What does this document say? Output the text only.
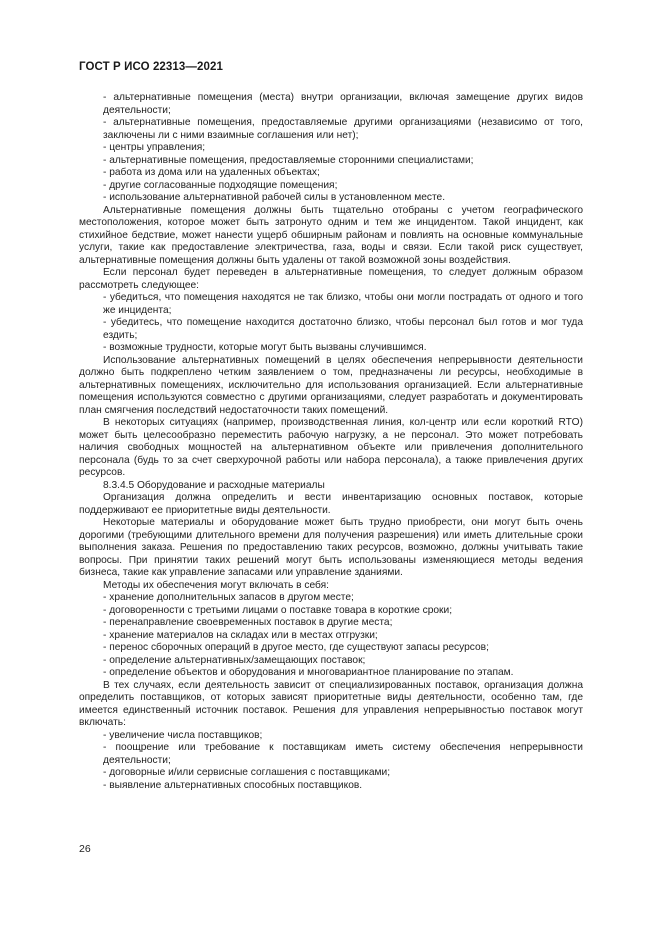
ГОСТ Р ИСО 22313—2021

- альтернативные помещения (места) внутри организации, включая замещение других видов деятельности;

- альтернативные помещения, предоставляемые другими организациями (независимо от того, заключены ли с ними взаимные соглашения или нет);

- центры управления;

- альтернативные помещения, предоставляемые сторонними специалистами;

- работа из дома или на удаленных объектах;

- другие согласованные подходящие помещения;

- использование альтернативной рабочей силы в установленном месте.

Альтернативные помещения должны быть тщательно отобраны с учетом географического местоположения, которое может быть затронуто одним и тем же инцидентом. Такой инцидент, как стихийное бедствие, может нанести ущерб обширным районам и повлиять на основные коммунальные услуги, такие как предоставление электричества, газа, воды и связи. Если такой риск существует, альтернативные помещения должны быть удалены от такой возможной зоны воздействия.

Если персонал будет переведен в альтернативные помещения, то следует должным образом рассмотреть следующее:

- убедиться, что помещения находятся не так близко, чтобы они могли пострадать от одного и того же инцидента;

- убедитесь, что помещение находится достаточно близко, чтобы персонал был готов и мог туда ездить;

- возможные трудности, которые могут быть вызваны случившимся.

Использование альтернативных помещений в целях обеспечения непрерывности деятельности должно быть подкреплено четким заявлением о том, предназначены ли ресурсы, необходимые в альтернативных помещениях, исключительно для использования организацией. Если альтернативные помещения используются совместно с другими организациями, следует разработать и документировать план смягчения последствий недостаточности таких помещений.

В некоторых ситуациях (например, производственная линия, кол-центр или если короткий RTO) может быть целесообразно переместить рабочую нагрузку, а не персонал. Это может потребовать наличия свободных мощностей на альтернативном объекте или привлечения дополнительного персонала (будь то за счет сверхурочной работы или набора персонала), а также привлечения других ресурсов.

8.3.4.5 Оборудование и расходные материалы

Организация должна определить и вести инвентаризацию основных поставок, которые поддерживают ее приоритетные виды деятельности.

Некоторые материалы и оборудование может быть трудно приобрести, они могут быть очень дорогими (требующими длительного времени для получения разрешения) или иметь длительные сроки выполнения заказа. Решения по предоставлению таких ресурсов, возможно, должны учитывать такие вопросы. При принятии таких решений могут быть использованы изменяющиеся методы ведения бизнеса, такие как управление запасами или управление зданиями.

Методы их обеспечения могут включать в себя:

- хранение дополнительных запасов в другом месте;

- договоренности с третьими лицами о поставке товара в короткие сроки;

- перенаправление своевременных поставок в другие места;

- хранение материалов на складах или в местах отгрузки;

- перенос сборочных операций в другое место, где существуют запасы ресурсов;

- определение альтернативных/замещающих поставок;

- определение объектов и оборудования и многовариантное планирование по этапам.

В тех случаях, если деятельность зависит от специализированных поставок, организация должна определить поставщиков, от которых зависят приоритетные виды деятельности, особенно там, где имеется единственный источник поставок. Решения для управления непрерывностью поставок могут включать:

- увеличение числа поставщиков;

- поощрение или требование к поставщикам иметь систему обеспечения непрерывности деятельности;

- договорные и/или сервисные соглашения с поставщиками;

- выявление альтернативных способных поставщиков.

26
